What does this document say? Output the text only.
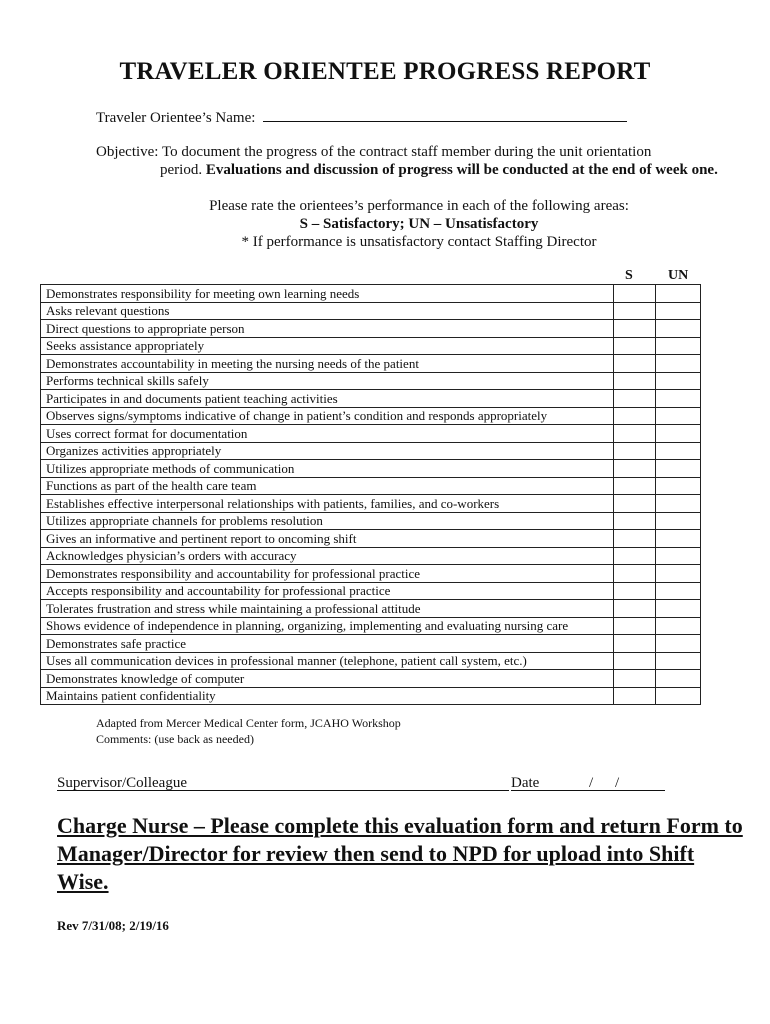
TRAVELER ORIENTEE PROGRESS REPORT
Traveler Orientee’s Name:
Objective: To document the progress of the contract staff member during the unit orientation
period. Evaluations and discussion of progress will be conducted at the end of week one.
Please rate the orientees’s performance in each of the following areas:
S – Satisfactory; UN – Unsatisfactory
* If performance is unsatisfactory contact Staffing Director
S	UN
Demonstrates responsibility for meeting own learning needs		
Asks relevant questions		
Direct questions to appropriate person		
Seeks assistance appropriately		
Demonstrates accountability in meeting the nursing needs of the patient		
Performs technical skills safely		
Participates in and documents patient teaching activities		
Observes signs/symptoms indicative of change in patient’s condition and responds appropriately		
Uses correct format for documentation		
Organizes activities appropriately		
Utilizes appropriate methods of communication		
Functions as part of the health care team		
Establishes effective interpersonal relationships with patients, families, and co-workers		
Utilizes appropriate channels for problems resolution		
Gives an informative and pertinent report to oncoming shift		
Acknowledges physician’s orders with accuracy		
Demonstrates responsibility and accountability for professional practice		
Accepts responsibility and accountability for professional practice		
Tolerates frustration and stress while maintaining a professional attitude		
Shows evidence of independence in planning, organizing, implementing and evaluating nursing care		
Demonstrates safe practice		
Uses all communication devices in professional manner (telephone, patient call system, etc.)		
Demonstrates knowledge of computer		
Maintains patient confidentiality		
Adapted from Mercer Medical Center form, JCAHO Workshop
Comments: (use back as needed)
Supervisor/Colleague	Date	/ /
Charge Nurse – Please complete this evaluation form and return Form to Manager/Director for review then send to NPD for upload into Shift Wise.
Rev 7/31/08; 2/19/16
